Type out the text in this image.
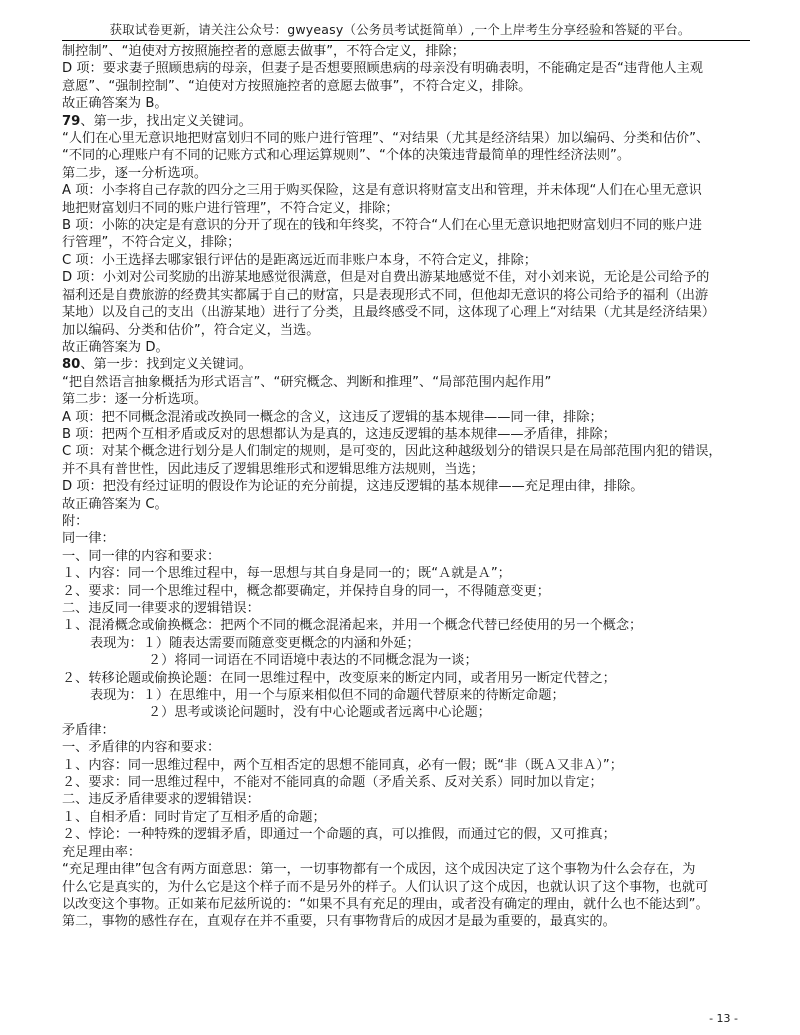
获取试卷更新，请关注公众号：gwyeasy（公务员考试挺简单）,一个上岸考生分享经验和答疑的平台。

制控制”、“迫使对方按照施控者的意愿去做事”，不符合定义，排除；

D 项：要求妻子照顾患病的母亲，但妻子是否想要照顾患病的母亲没有明确表明，不能确定是否“违背他人主观

意愿”、“强制控制”、“迫使对方按照施控者的意愿去做事”，不符合定义，排除。

故正确答案为 B。

79、第一步，找出定义关键词。

“人们在心里无意识地把财富划归不同的账户进行管理”、“对结果（尤其是经济结果）加以编码、分类和估价”、

“不同的心理账户有不同的记账方式和心理运算规则”、“个体的决策违背最简单的理性经济法则”。

第二步，逐一分析选项。

A 项：小李将自己存款的四分之三用于购买保险，这是有意识将财富支出和管理，并未体现“人们在心里无意识

地把财富划归不同的账户进行管理”，不符合定义，排除；

B 项：小陈的决定是有意识的分开了现在的钱和年终奖，不符合“人们在心里无意识地把财富划归不同的账户进

行管理”，不符合定义，排除；

C 项：小王选择去哪家银行评估的是距离远近而非账户本身，不符合定义，排除；

D 项：小刘对公司奖励的出游某地感觉很满意，但是对自费出游某地感觉不佳，对小刘来说，无论是公司给予的

福利还是自费旅游的经费其实都属于自己的财富，只是表现形式不同，但他却无意识的将公司给予的福利（出游

某地）以及自己的支出（出游某地）进行了分类，且最终感受不同，这体现了心理上“对结果（尤其是经济结果）

加以编码、分类和估价”，符合定义，当选。

故正确答案为 D。

80、第一步：找到定义关键词。

“把自然语言抽象概括为形式语言”、“研究概念、判断和推理”、“局部范围内起作用”

第二步：逐一分析选项。

A 项：把不同概念混淆或改换同一概念的含义，这违反了逻辑的基本规律——同一律，排除；

B 项：把两个互相矛盾或反对的思想都认为是真的，这违反逻辑的基本规律——矛盾律，排除；

C 项：对某个概念进行划分是人们制定的规则，是可变的，因此这种越级划分的错误只是在局部范围内犯的错误，

并不具有普世性，因此违反了逻辑思维形式和逻辑思维方法规则，当选；

D 项：把没有经过证明的假设作为论证的充分前提，这违反逻辑的基本规律——充足理由律，排除。

故正确答案为 C。

附：

同一律：

一、同一律的内容和要求：

１、内容：同一个思维过程中，每一思想与其自身是同一的；既“Ａ就是Ａ”；

２、要求：同一个思维过程中，概念都要确定，并保持自身的同一，不得随意变更；

二、违反同一律要求的逻辑错误：

１、混淆概念或偷换概念：把两个不同的概念混淆起来，并用一个概念代替已经使用的另一个概念；

表现为：１）随表达需要而随意变更概念的内涵和外延；

２）将同一词语在不同语境中表达的不同概念混为一谈；

２、转移论题或偷换论题：在同一思维过程中，改变原来的断定内同，或者用另一断定代替之；

表现为：１）在思维中，用一个与原来相似但不同的命题代替原来的待断定命题；

２）思考或谈论问题时，没有中心论题或者远离中心论题；

矛盾律：

一、矛盾律的内容和要求：

１、内容：同一思维过程中，两个互相否定的思想不能同真，必有一假；既“非（既Ａ又非Ａ）”；

２、要求：同一思维过程中，不能对不能同真的命题（矛盾关系、反对关系）同时加以肯定；

二、违反矛盾律要求的逻辑错误：

１、自相矛盾：同时肯定了互相矛盾的命题；

２、悖论：一种特殊的逻辑矛盾，即通过一个命题的真，可以推假，而通过它的假，又可推真；

充足理由率：

“充足理由律”包含有两方面意思：第一，一切事物都有一个成因，这个成因决定了这个事物为什么会存在，为

什么它是真实的，为什么它是这个样子而不是另外的样子。人们认识了这个成因，也就认识了这个事物，也就可

以改变这个事物。正如莱布尼兹所说的：“如果不具有充足的理由，或者没有确定的理由，就什么也不能达到”。

第二，事物的感性存在，直观存在并不重要，只有事物背后的成因才是最为重要的，最真实的。

- 13 -
